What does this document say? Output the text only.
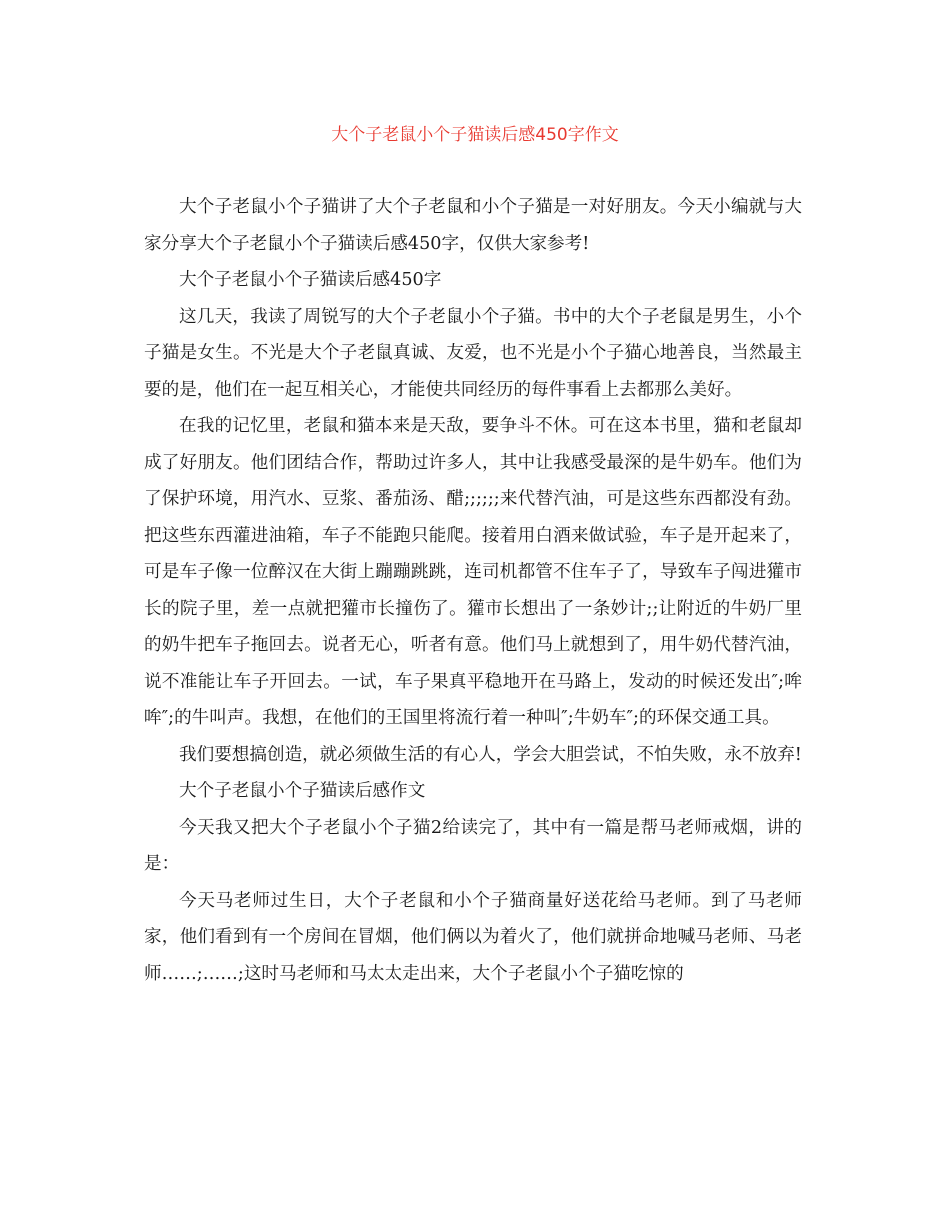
大个子老鼠小个子猫读后感450字作文

大个子老鼠小个子猫讲了大个子老鼠和小个子猫是一对好朋友。今天小编就与大家分享大个子老鼠小个子猫读后感450字，仅供大家参考!

大个子老鼠小个子猫读后感450字

这几天，我读了周锐写的大个子老鼠小个子猫。书中的大个子老鼠是男生，小个子猫是女生。不光是大个子老鼠真诚、友爱，也不光是小个子猫心地善良，当然最主要的是，他们在一起互相关心，才能使共同经历的每件事看上去都那么美好。

在我的记忆里，老鼠和猫本来是天敌，要争斗不休。可在这本书里，猫和老鼠却成了好朋友。他们团结合作，帮助过许多人，其中让我感受最深的是牛奶车。他们为了保护环境，用汽水、豆浆、番茄汤、醋;;;;;;来代替汽油，可是这些东西都没有劲。把这些东西灌进油箱，车子不能跑只能爬。接着用白酒来做试验，车子是开起来了，可是车子像一位醉汉在大街上蹦蹦跳跳，连司机都管不住车子了，导致车子闯进獾市长的院子里，差一点就把獾市长撞伤了。獾市长想出了一条妙计;;让附近的牛奶厂里的奶牛把车子拖回去。说者无心，听者有意。他们马上就想到了，用牛奶代替汽油，说不准能让车子开回去。一试，车子果真平稳地开在马路上，发动的时候还发出″;哞哞″;的牛叫声。我想，在他们的王国里将流行着一种叫″;牛奶车″;的环保交通工具。

我们要想搞创造，就必须做生活的有心人，学会大胆尝试，不怕失败，永不放弃!

大个子老鼠小个子猫读后感作文

今天我又把大个子老鼠小个子猫2给读完了，其中有一篇是帮马老师戒烟，讲的是：

今天马老师过生日，大个子老鼠和小个子猫商量好送花给马老师。到了马老师家，他们看到有一个房间在冒烟，他们俩以为着火了，他们就拼命地喊马老师、马老师……;……;这时马老师和马太太走出来，大个子老鼠小个子猫吃惊的
